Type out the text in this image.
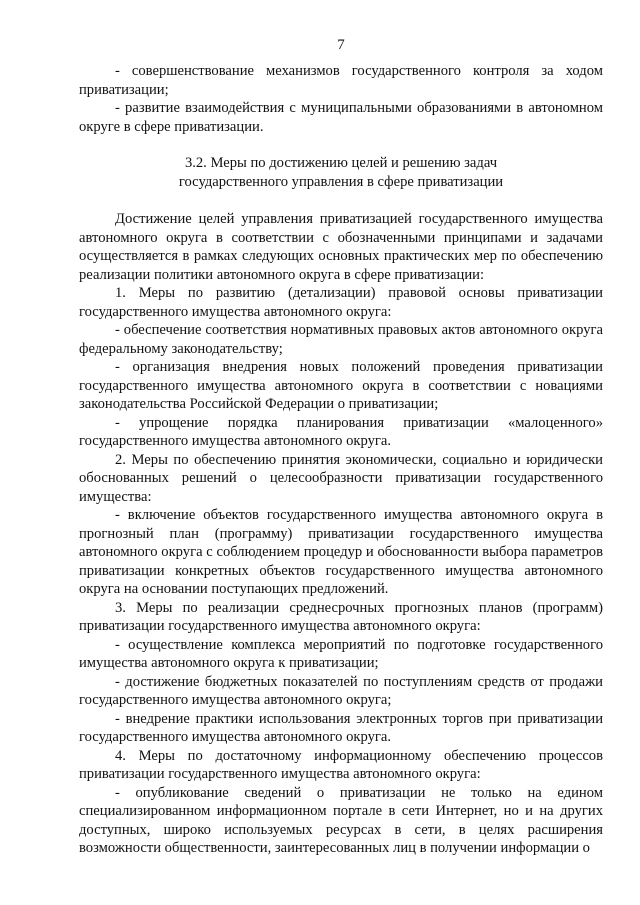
7

- совершенствование механизмов государственного контроля за ходом приватизации;

- развитие взаимодействия с муниципальными образованиями в автономном округе в сфере приватизации.

3.2. Меры по достижению целей и решению задач

государственного управления в сфере приватизации

Достижение целей управления приватизацией государственного имущества автономного округа в соответствии с обозначенными принципами и задачами осуществляется в рамках следующих основных практических мер по обеспечению реализации политики автономного округа в сфере приватизации:

1. Меры по развитию (детализации) правовой основы приватизации государственного имущества автономного округа:

- обеспечение соответствия нормативных правовых актов автономного округа федеральному законодательству;

- организация внедрения новых положений проведения приватизации государственного имущества автономного округа в соответствии с новациями законодательства Российской Федерации о приватизации;

- упрощение порядка планирования приватизации «малоценного» государственного имущества автономного округа.

2. Меры по обеспечению принятия экономически, социально и юридически обоснованных решений о целесообразности приватизации государственного имущества:

- включение объектов государственного имущества автономного округа в прогнозный план (программу) приватизации государственного имущества автономного округа с соблюдением процедур и обоснованности выбора параметров приватизации конкретных объектов государственного имущества автономного округа на основании поступающих предложений.

3. Меры по реализации среднесрочных прогнозных планов (программ) приватизации государственного имущества автономного округа:

- осуществление комплекса мероприятий по подготовке государственного имущества автономного округа к приватизации;

- достижение бюджетных показателей по поступлениям средств от продажи государственного имущества автономного округа;

- внедрение практики использования электронных торгов при приватизации государственного имущества автономного округа.

4. Меры по достаточному информационному обеспечению процессов приватизации государственного имущества автономного округа:

- опубликование сведений о приватизации не только на едином специализированном информационном портале в сети Интернет, но и на других доступных, широко используемых ресурсах в сети, в целях расширения возможности общественности, заинтересованных лиц в получении информации о
